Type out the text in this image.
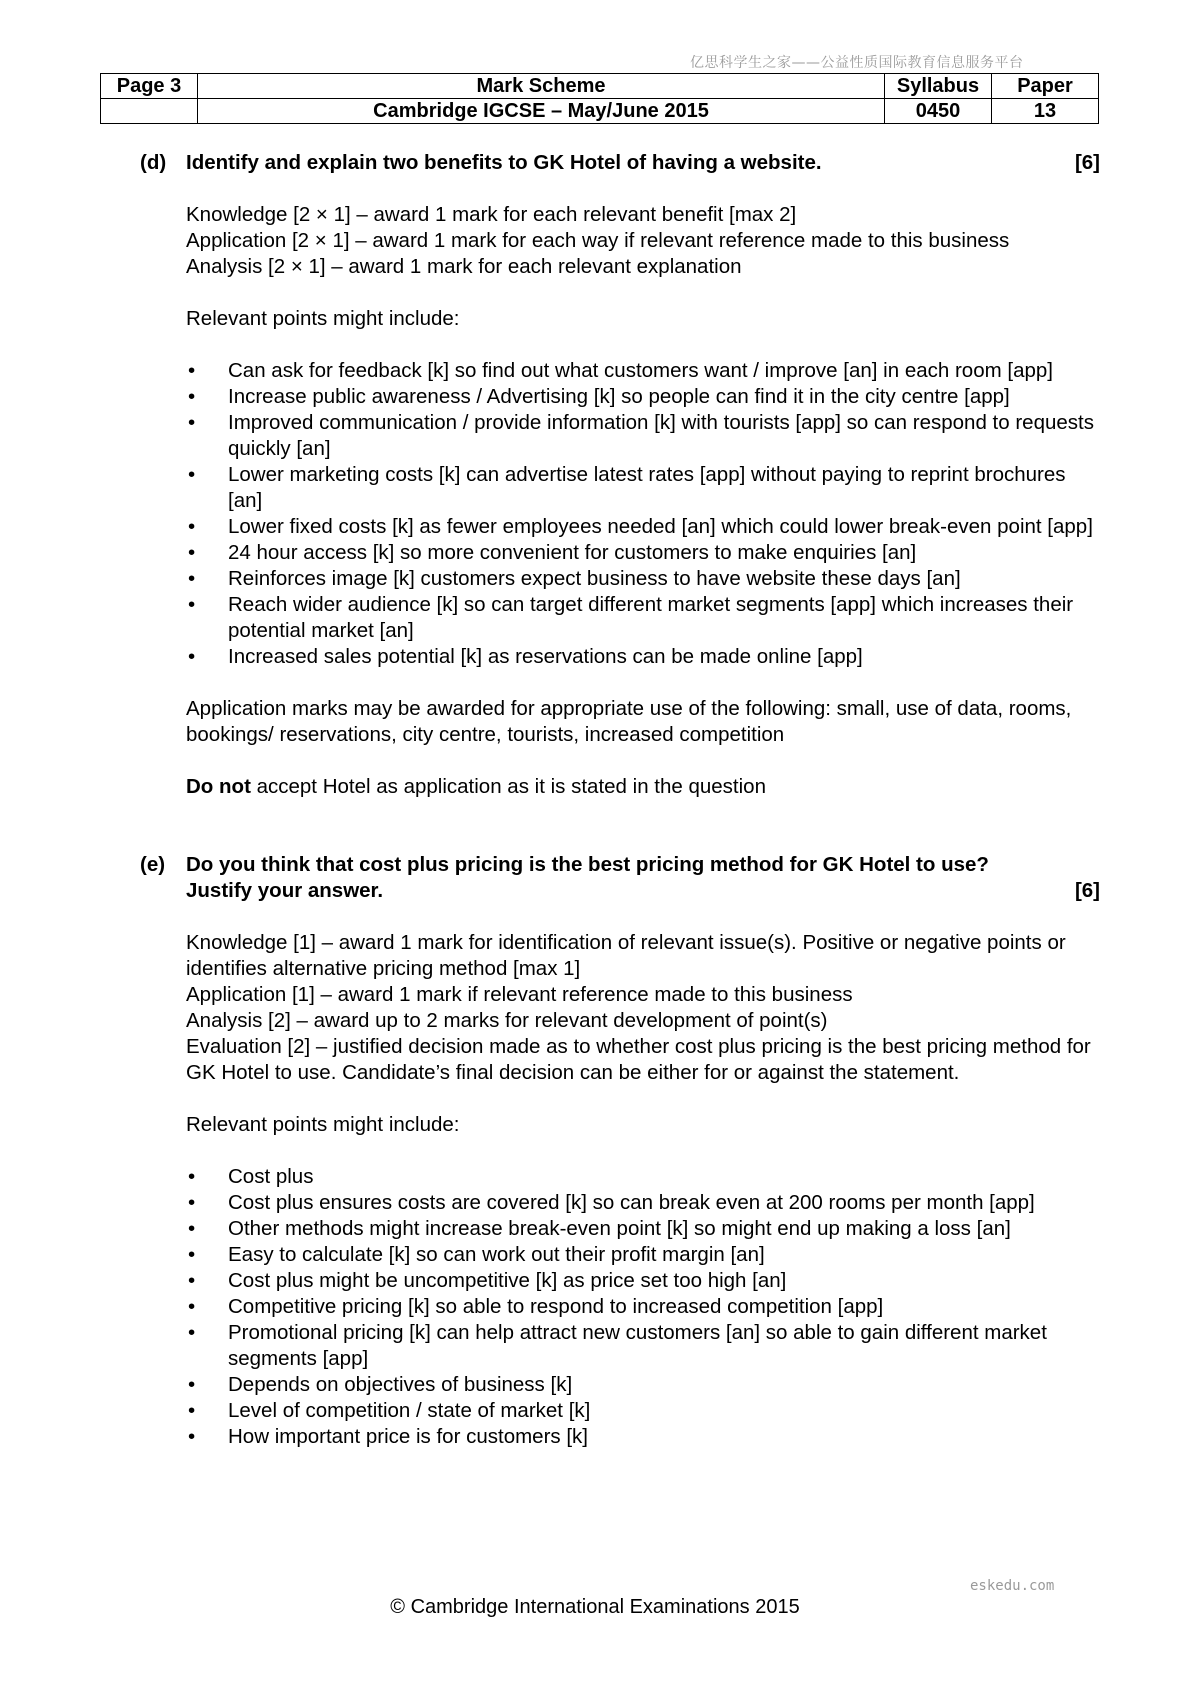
亿思科学生之家——公益性质国际教育信息服务平台
Page 3	Mark Scheme	Syllabus	Paper
	Cambridge IGCSE – May/June 2015	0450	13
(d) Identify and explain two benefits to GK Hotel of having a website.	[6]
Knowledge [2 × 1] – award 1 mark for each relevant benefit [max 2]
Application [2 × 1] – award 1 mark for each way if relevant reference made to this business
Analysis [2 × 1] – award 1 mark for each relevant explanation
Relevant points might include:
• Can ask for feedback [k] so find out what customers want / improve [an] in each room [app]
• Increase public awareness / Advertising [k] so people can find it in the city centre [app]
• Improved communication / provide information [k] with tourists [app] so can respond to requests quickly [an]
• Lower marketing costs [k] can advertise latest rates [app] without paying to reprint brochures [an]
• Lower fixed costs [k] as fewer employees needed [an] which could lower break-even point [app]
• 24 hour access [k] so more convenient for customers to make enquiries [an]
• Reinforces image [k] customers expect business to have website these days [an]
• Reach wider audience [k] so can target different market segments [app] which increases their potential market [an]
• Increased sales potential [k] as reservations can be made online [app]
Application marks may be awarded for appropriate use of the following: small, use of data, rooms, bookings/ reservations, city centre, tourists, increased competition
Do not accept Hotel as application as it is stated in the question
(e) Do you think that cost plus pricing is the best pricing method for GK Hotel to use?
Justify your answer.	[6]
Knowledge [1] – award 1 mark for identification of relevant issue(s). Positive or negative points or identifies alternative pricing method [max 1]
Application [1] – award 1 mark if relevant reference made to this business
Analysis [2] – award up to 2 marks for relevant development of point(s)
Evaluation [2] – justified decision made as to whether cost plus pricing is the best pricing method for GK Hotel to use. Candidate’s final decision can be either for or against the statement.
Relevant points might include:
• Cost plus
• Cost plus ensures costs are covered [k] so can break even at 200 rooms per month [app]
• Other methods might increase break-even point [k] so might end up making a loss [an]
• Easy to calculate [k] so can work out their profit margin [an]
• Cost plus might be uncompetitive [k] as price set too high [an]
• Competitive pricing [k] so able to respond to increased competition [app]
• Promotional pricing [k] can help attract new customers [an] so able to gain different market segments [app]
• Depends on objectives of business [k]
• Level of competition / state of market [k]
• How important price is for customers [k]
eskedu.com
© Cambridge International Examinations 2015
